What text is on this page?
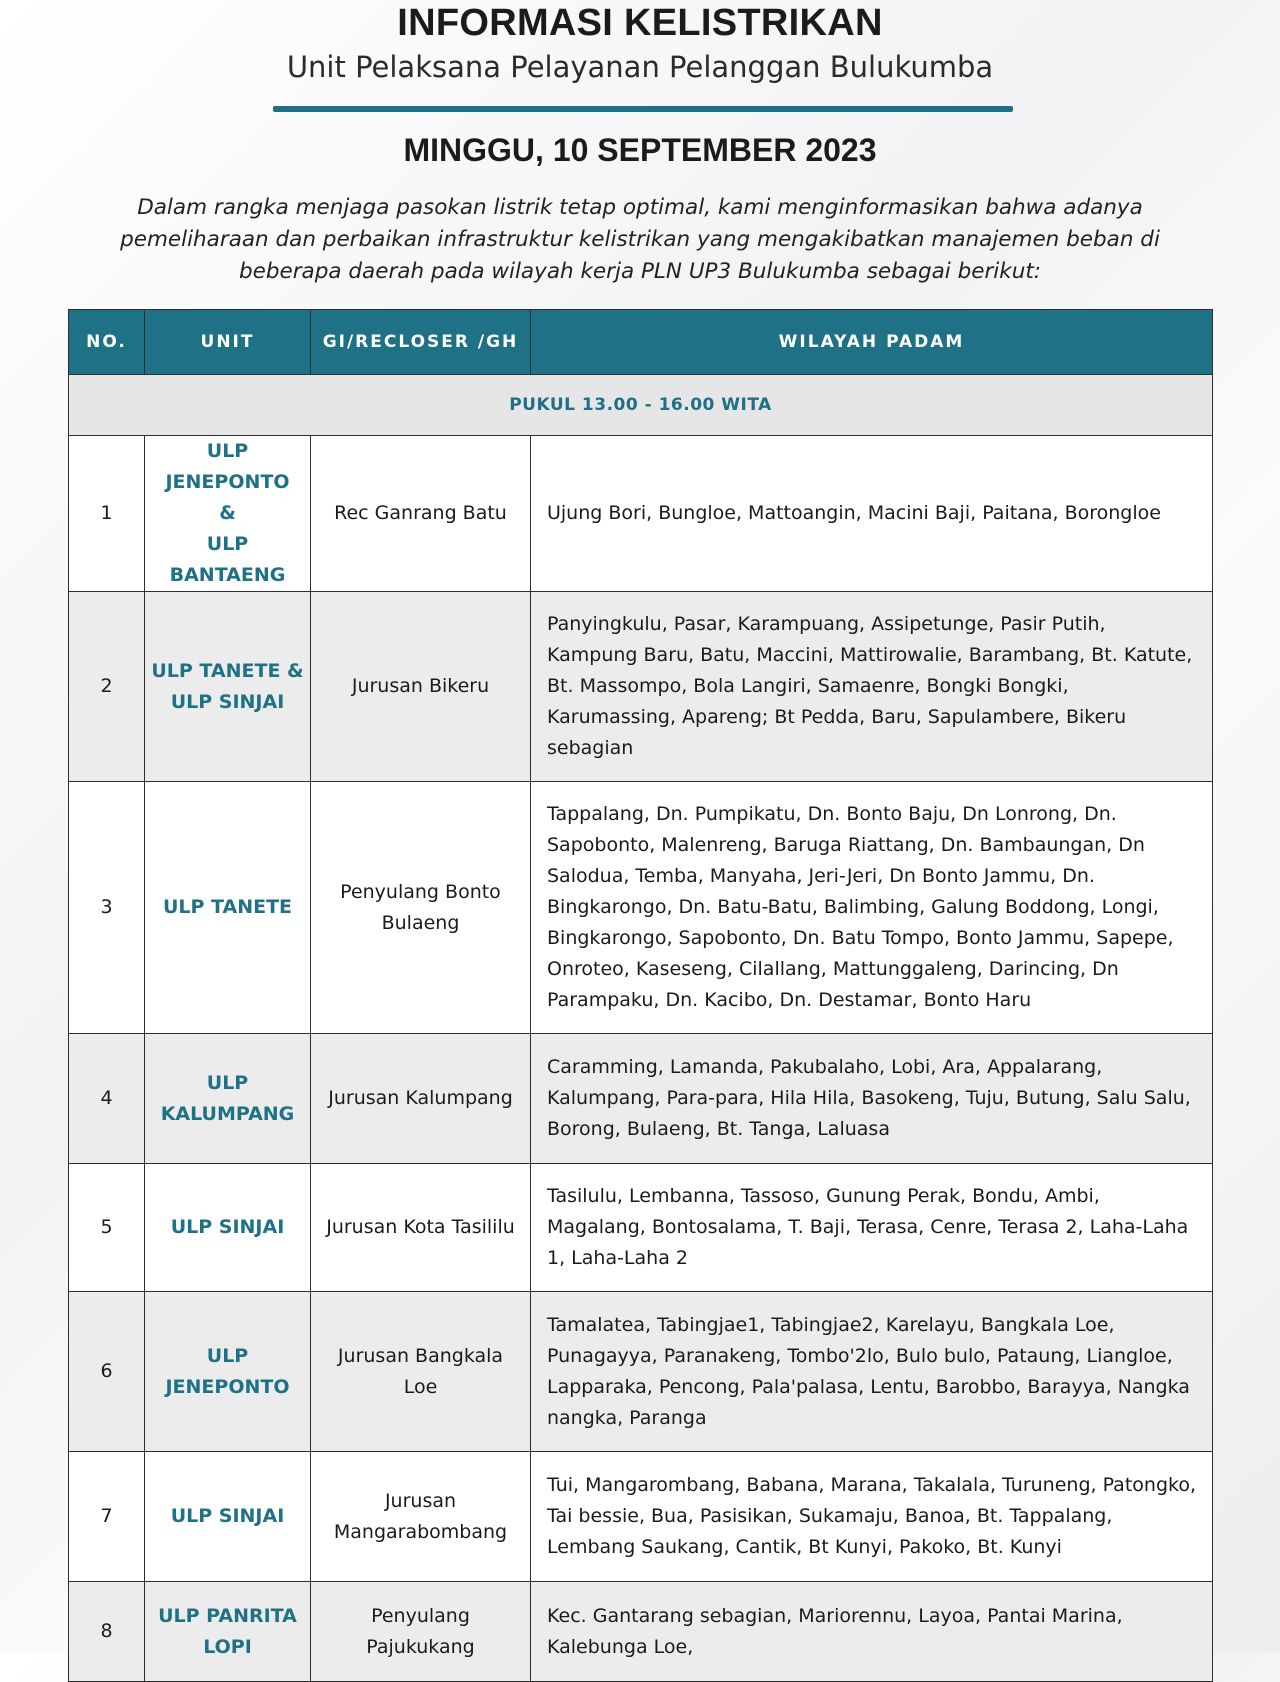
INFORMASI KELISTRIKAN
Unit Pelaksana Pelayanan Pelanggan Bulukumba
MINGGU, 10 SEPTEMBER 2023
Dalam rangka menjaga pasokan listrik tetap optimal, kami menginformasikan bahwa adanya pemeliharaan dan perbaikan infrastruktur kelistrikan yang mengakibatkan manajemen beban di beberapa daerah pada wilayah kerja PLN UP3 Bulukumba sebagai berikut:
NO.	UNIT	GI/RECLOSER /GH	WILAYAH PADAM
PUKUL 13.00 - 16.00 WITA			
1	ULP JENEPONTO
&
ULP BANTAENG	Rec Ganrang Batu	Ujung Bori, Bungloe, Mattoangin, Macini Baji, Paitana, Borongloe
2	ULP TANETE &
ULP SINJAI	Jurusan Bikeru	Panyingkulu, Pasar, Karampuang, Assipetunge, Pasir Putih, Kampung Baru, Batu, Maccini, Mattirowalie, Barambang, Bt. Katute, Bt. Massompo, Bola Langiri, Samaenre, Bongki Bongki, Karumassing, Apareng; Bt Pedda, Baru, Sapulambere, Bikeru sebagian
3	ULP TANETE	Penyulang Bonto Bulaeng	Tappalang, Dn. Pumpikatu, Dn. Bonto Baju, Dn Lonrong, Dn. Sapobonto, Malenreng, Baruga Riattang, Dn. Bambaungan, Dn Salodua, Temba, Manyaha, Jeri-Jeri, Dn Bonto Jammu, Dn. Bingkarongo, Dn. Batu-Batu, Balimbing, Galung Boddong, Longi, Bingkarongo, Sapobonto, Dn. Batu Tompo, Bonto Jammu, Sapepe, Onroteo, Kaseseng, Cilallang, Mattunggaleng, Darincing, Dn Parampaku, Dn. Kacibo, Dn. Destamar, Bonto Haru
4	ULP KALUMPANG	Jurusan Kalumpang	Caramming, Lamanda, Pakubalaho, Lobi, Ara, Appalarang, Kalumpang, Para-para, Hila Hila, Basokeng, Tuju, Butung, Salu Salu, Borong, Bulaeng, Bt. Tanga, Laluasa
5	ULP SINJAI	Jurusan Kota Tasililu	Tasilulu, Lembanna, Tassoso, Gunung Perak, Bondu, Ambi, Magalang, Bontosalama, T. Baji, Terasa, Cenre, Terasa 2, Laha-Laha 1, Laha-Laha 2
6	ULP JENEPONTO	Jurusan Bangkala Loe	Tamalatea, Tabingjae1, Tabingjae2, Karelayu, Bangkala Loe, Punagayya, Paranakeng, Tombo'2lo, Bulo bulo, Pataung, Liangloe, Lapparaka, Pencong, Pala'palasa, Lentu, Barobbo, Barayya, Nangka nangka, Paranga
7	ULP SINJAI	Jurusan Mangarabombang	Tui, Mangarombang, Babana, Marana, Takalala, Turuneng, Patongko, Tai bessie, Bua, Pasisikan, Sukamaju, Banoa, Bt. Tappalang, Lembang Saukang, Cantik, Bt Kunyi, Pakoko, Bt. Kunyi
8	ULP PANRITA LOPI	Penyulang Pajukukang	Kec. Gantarang sebagian, Mariorennu, Layoa, Pantai Marina, Kalebunga Loe,
